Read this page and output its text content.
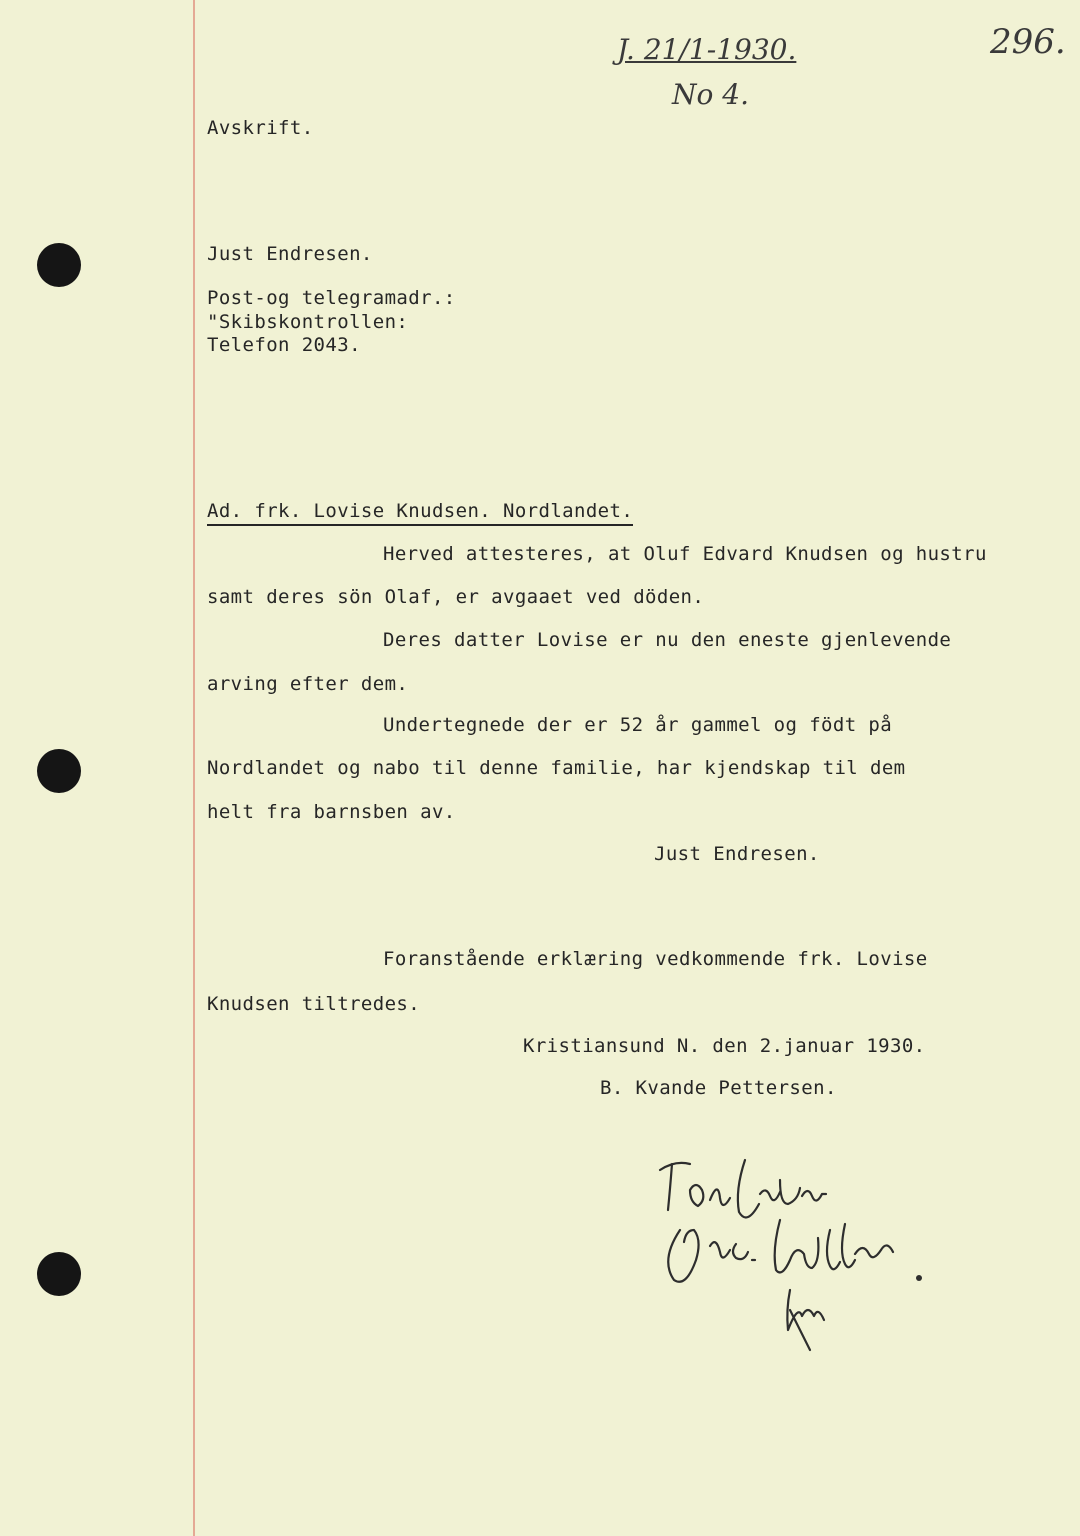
J. 21/1-1930.
No 4.
296.
Avskrift.
Just Endresen.
Post-og telegramadr.:
"Skibskontrollen:
Telefon 2043.
Ad. frk. Lovise Knudsen. Nordlandet.
Herved attesteres, at Oluf Edvard Knudsen og hustru
samt deres sön Olaf, er avgaaet ved döden.
Deres datter Lovise er nu den eneste gjenlevende
arving efter dem.
Undertegnede der er 52 år gammel og födt på
Nordlandet og nabo til denne familie, har kjendskap til dem
helt fra barnsben av.
Just Endresen.
Foranstående erklæring vedkommende frk. Lovise
Knudsen tiltredes.
Kristiansund N. den 2.januar 1930.
B. Kvande Pettersen.
